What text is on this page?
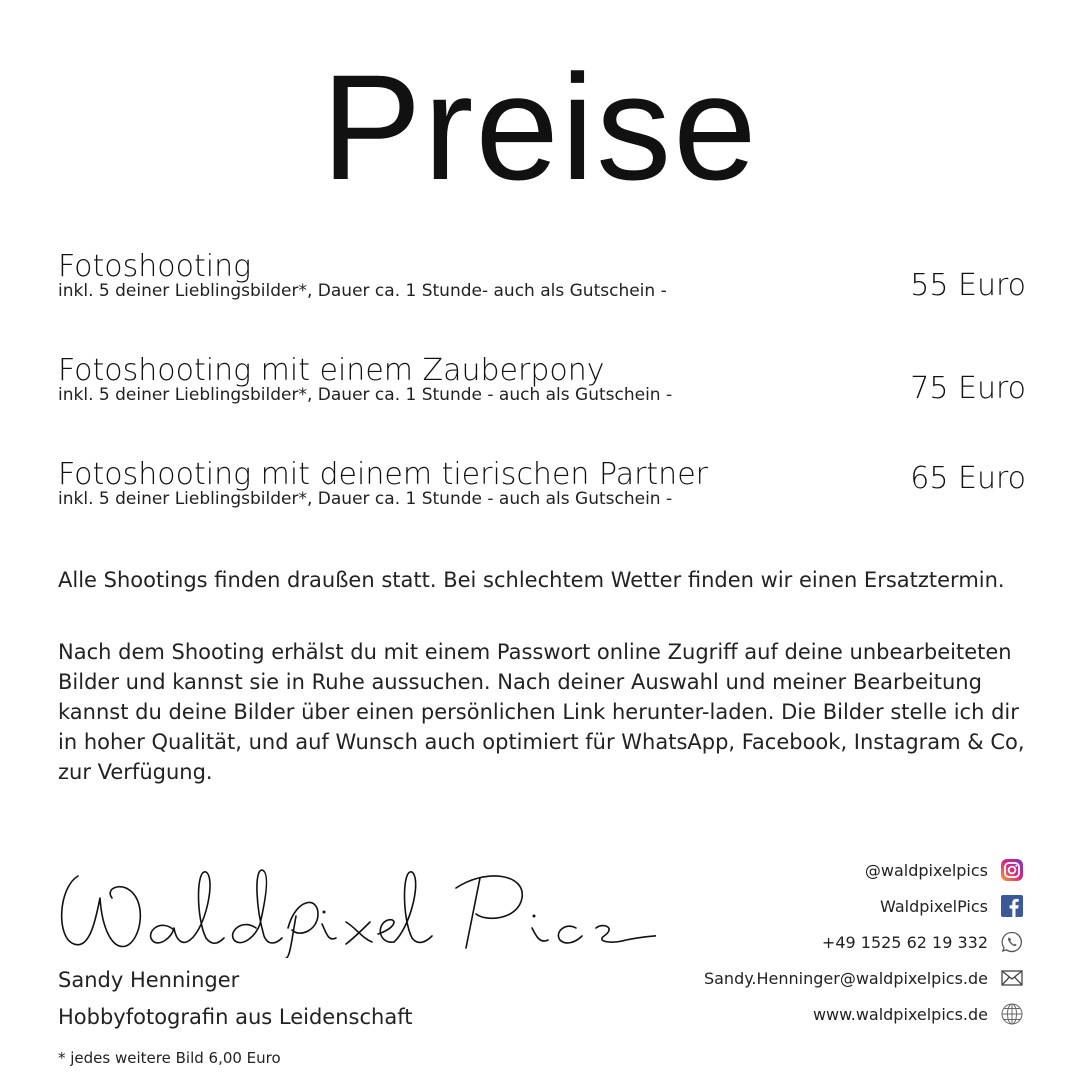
Preise
Fotoshooting
inkl. 5 deiner Lieblingsbilder*, Dauer ca. 1 Stunde- auch als Gutschein -	55 Euro
Fotoshooting mit einem Zauberpony
inkl. 5 deiner Lieblingsbilder*, Dauer ca. 1 Stunde - auch als Gutschein -	75 Euro
Fotoshooting mit deinem tierischen Partner
inkl. 5 deiner Lieblingsbilder*, Dauer ca. 1 Stunde - auch als Gutschein -
65 Euro

Alle Shootings finden draußen statt. Bei schlechtem Wetter finden wir einen Ersatztermin.

Nach dem Shooting erhälst du mit einem Passwort online Zugriff auf deine unbearbeiteten Bilder und kannst sie in Ruhe aussuchen. Nach deiner Auswahl und meiner Bearbeitung kannst du deine Bilder über einen persönlichen Link herunter-laden. Die Bilder stelle ich dir in hoher Qualität, und auf Wunsch auch optimiert für WhatsApp, Facebook, Instagram & Co, zur Verfügung.

Sandy Henninger
Hobbyfotografin aus Leidenschaft
* jedes weitere Bild 6,00 Euro
@waldpixelpics
WaldpixelPics
+49 1525 62 19 332
Sandy.Henninger@waldpixelpics.de
www.waldpixelpics.de
